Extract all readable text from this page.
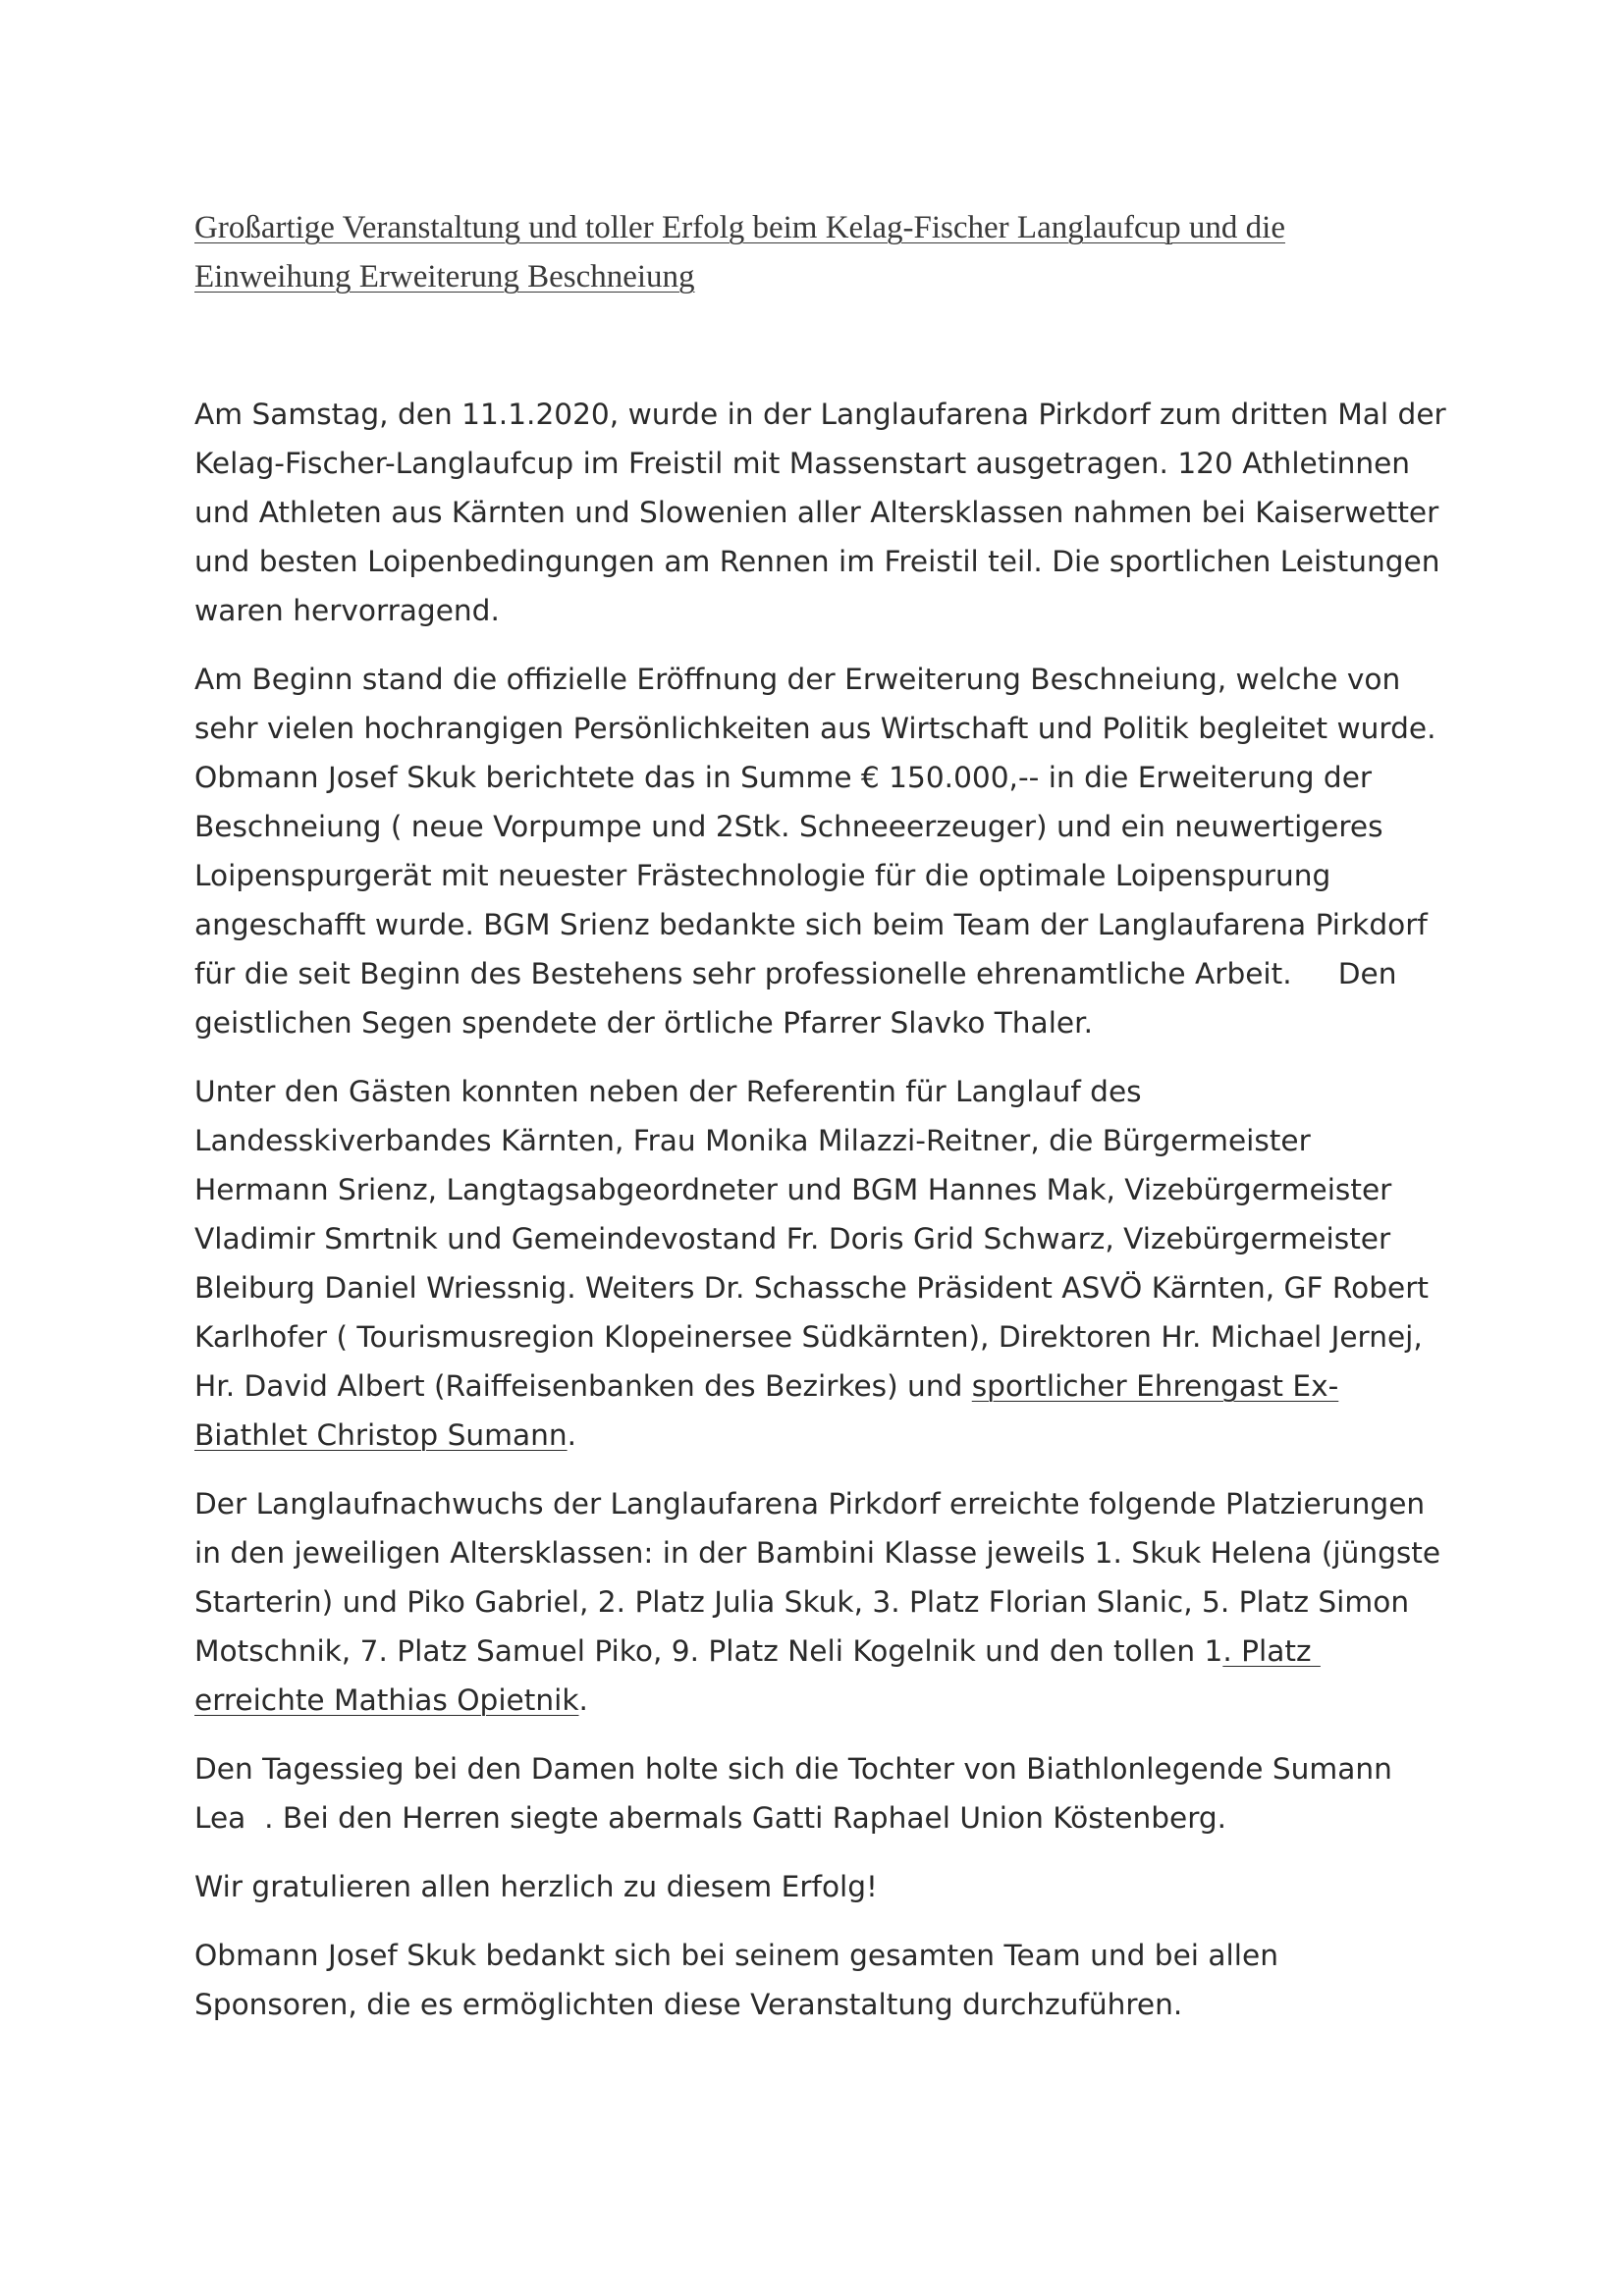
Großartige Veranstaltung und toller Erfolg beim Kelag-Fischer Langlaufcup und die
Einweihung Erweiterung Beschneiung

Am Samstag, den 11.1.2020, wurde in der Langlaufarena Pirkdorf zum dritten Mal der
Kelag-Fischer-Langlaufcup im Freistil mit Massenstart ausgetragen. 120 Athletinnen
und Athleten aus Kärnten und Slowenien aller Altersklassen nahmen bei Kaiserwetter
und besten Loipenbedingungen am Rennen im Freistil teil. Die sportlichen Leistungen
waren hervorragend.

Am Beginn stand die offizielle Eröffnung der Erweiterung Beschneiung, welche von
sehr vielen hochrangigen Persönlichkeiten aus Wirtschaft und Politik begleitet wurde.
Obmann Josef Skuk berichtete das in Summe € 150.000,-- in die Erweiterung der
Beschneiung ( neue Vorpumpe und 2Stk. Schneeerzeuger) und ein neuwertigeres
Loipenspurgerät mit neuester Frästechnologie für die optimale Loipenspurung
angeschafft wurde. BGM Srienz bedankte sich beim Team der Langlaufarena Pirkdorf
für die seit Beginn des Bestehens sehr professionelle ehrenamtliche Arbeit.     Den
geistlichen Segen spendete der örtliche Pfarrer Slavko Thaler.

Unter den Gästen konnten neben der Referentin für Langlauf des
Landesskiverbandes Kärnten, Frau Monika Milazzi-Reitner, die Bürgermeister
Hermann Srienz, Langtagsabgeordneter und BGM Hannes Mak, Vizebürgermeister
Vladimir Smrtnik und Gemeindevostand Fr. Doris Grid Schwarz, Vizebürgermeister
Bleiburg Daniel Wriessnig. Weiters Dr. Schassche Präsident ASVÖ Kärnten, GF Robert
Karlhofer ( Tourismusregion Klopeinersee Südkärnten), Direktoren Hr. Michael Jernej,
Hr. David Albert (Raiffeisenbanken des Bezirkes) und sportlicher Ehrengast Ex-
Biathlet Christop Sumann.

Der Langlaufnachwuchs der Langlaufarena Pirkdorf erreichte folgende Platzierungen
in den jeweiligen Altersklassen: in der Bambini Klasse jeweils 1. Skuk Helena (jüngste
Starterin) und Piko Gabriel, 2. Platz Julia Skuk, 3. Platz Florian Slanic, 5. Platz Simon
Motschnik, 7. Platz Samuel Piko, 9. Platz Neli Kogelnik und den tollen 1. Platz
erreichte Mathias Opietnik.

Den Tagessieg bei den Damen holte sich die Tochter von Biathlonlegende Sumann
Lea  . Bei den Herren siegte abermals Gatti Raphael Union Köstenberg.

Wir gratulieren allen herzlich zu diesem Erfolg!

Obmann Josef Skuk bedankt sich bei seinem gesamten Team und bei allen
Sponsoren, die es ermöglichten diese Veranstaltung durchzuführen.
